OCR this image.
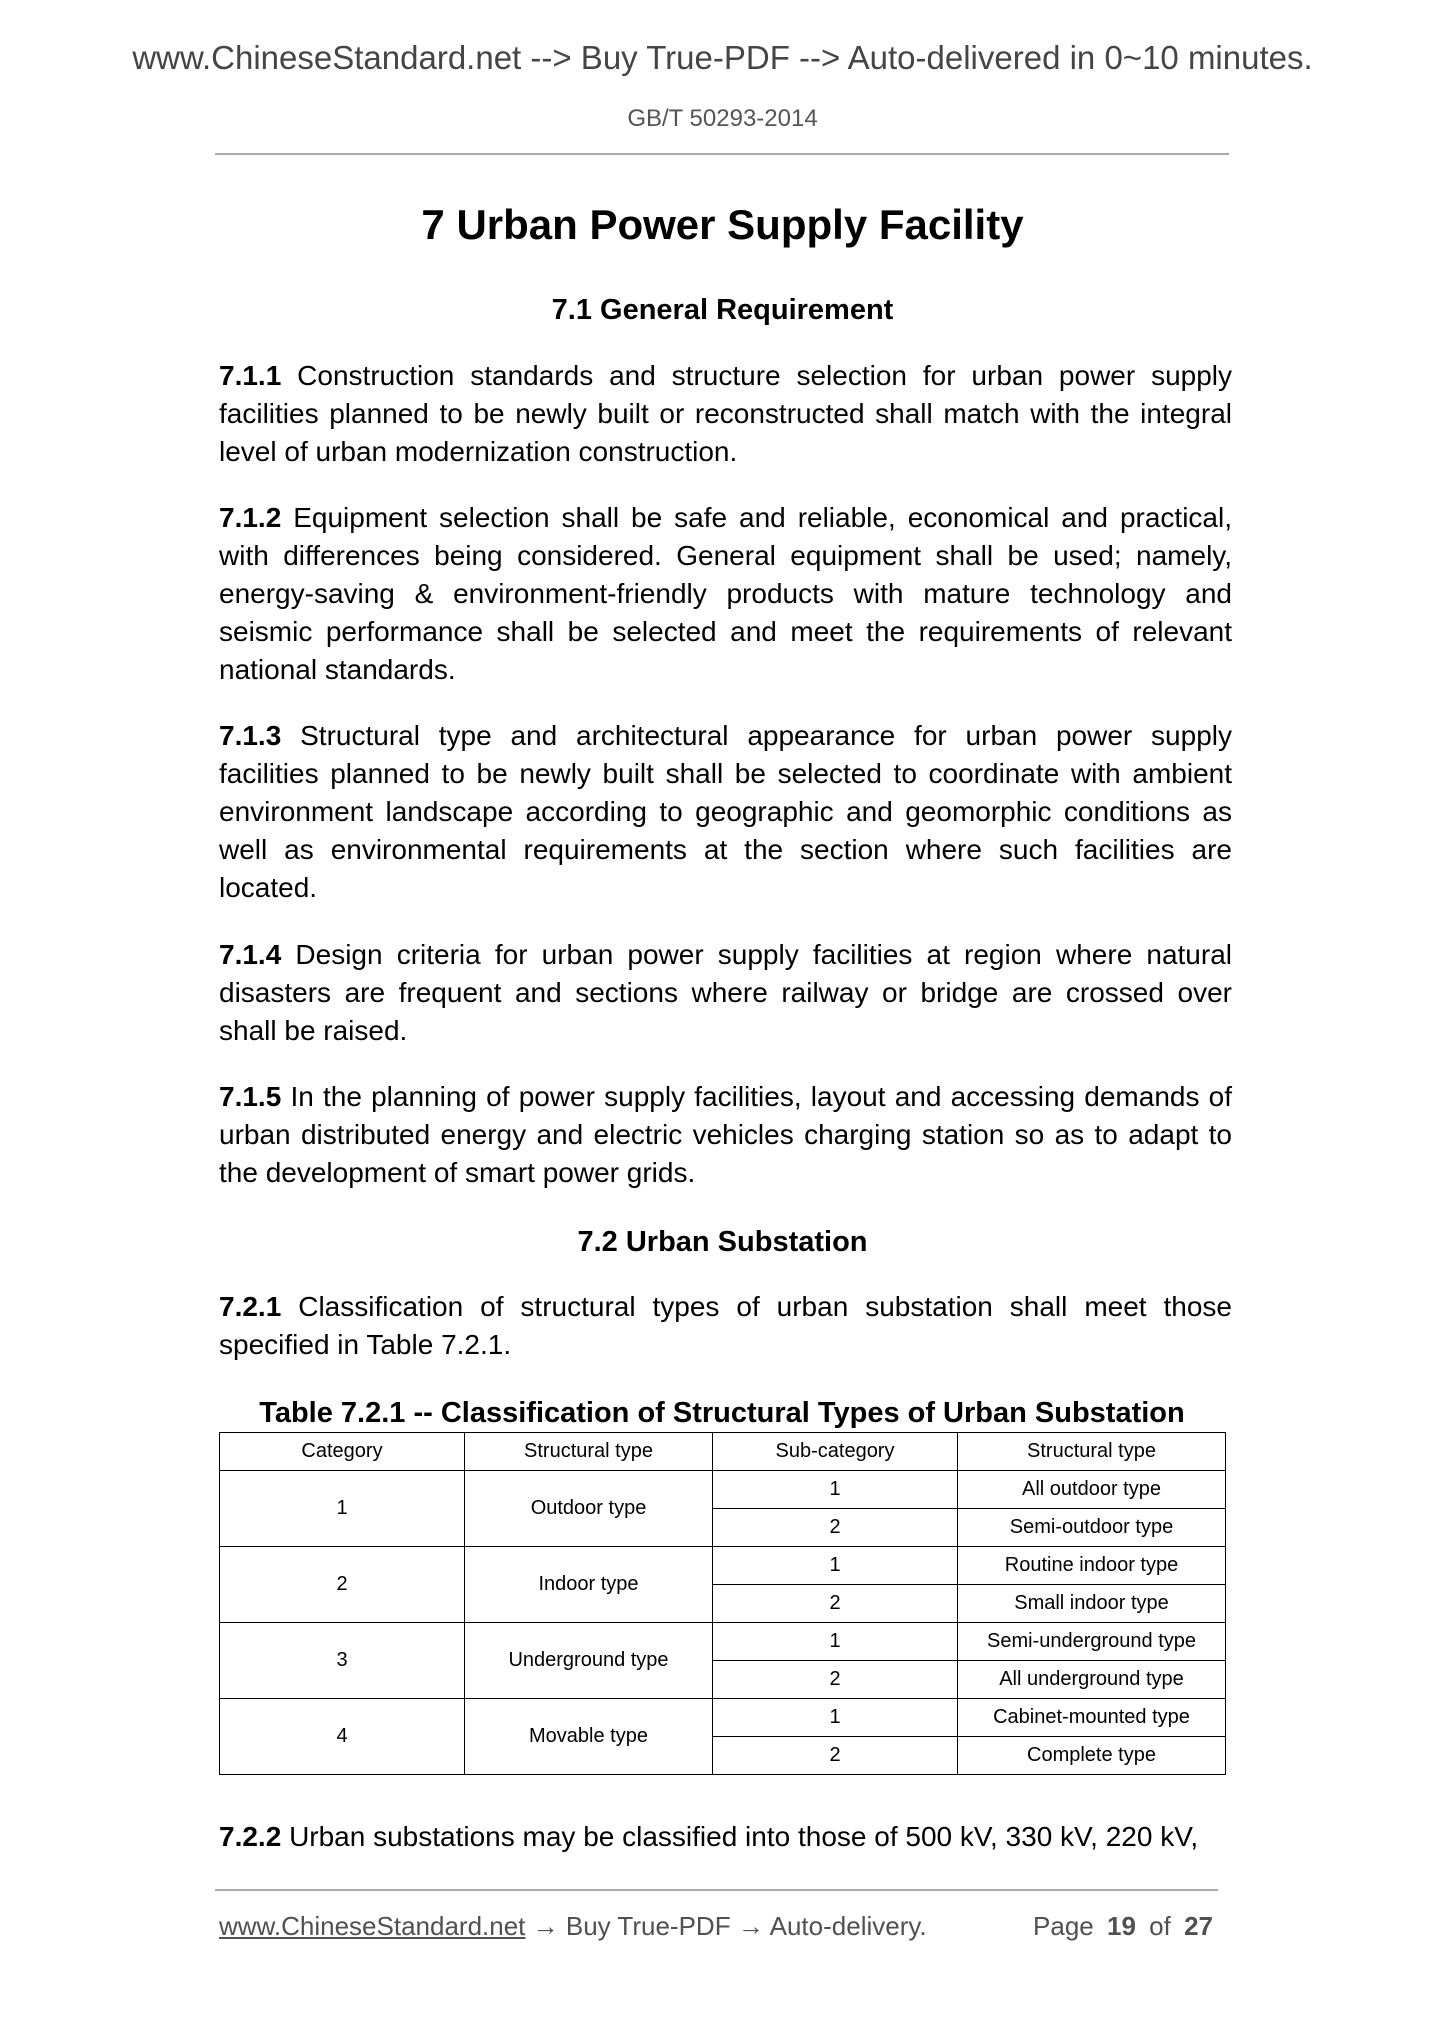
www.ChineseStandard.net --> Buy True-PDF --> Auto-delivered in 0~10 minutes.
GB/T 50293-2014
7 Urban Power Supply Facility
7.1 General Requirement

7.1.1 Construction standards and structure selection for urban power supply facilities planned to be newly built or reconstructed shall match with the integral level of urban modernization construction.

7.1.2 Equipment selection shall be safe and reliable, economical and practical, with differences being considered. General equipment shall be used; namely, energy-saving & environment-friendly products with mature technology and seismic performance shall be selected and meet the requirements of relevant national standards.

7.1.3 Structural type and architectural appearance for urban power supply facilities planned to be newly built shall be selected to coordinate with ambient environment landscape according to geographic and geomorphic conditions as well as environmental requirements at the section where such facilities are located.

7.1.4 Design criteria for urban power supply facilities at region where natural disasters are frequent and sections where railway or bridge are crossed over shall be raised.

7.1.5 In the planning of power supply facilities, layout and accessing demands of urban distributed energy and electric vehicles charging station so as to adapt to the development of smart power grids.

7.2 Urban Substation

7.2.1 Classification of structural types of urban substation shall meet those specified in Table 7.2.1.

Table 7.2.1 -- Classification of Structural Types of Urban Substation
Category	Structural type	Sub-category	Structural type
1	Outdoor type	1	All outdoor type
		2	Semi-outdoor type
2	Indoor type	1	Routine indoor type
		2	Small indoor type
3	Underground type	1	Semi-underground type
		2	All underground type
4	Movable type	1	Cabinet-mounted type
		2	Complete type

7.2.2 Urban substations may be classified into those of 500 kV, 330 kV, 220 kV,

www.ChineseStandard.net → Buy True-PDF → Auto-delivery.	Page 19 of 27
